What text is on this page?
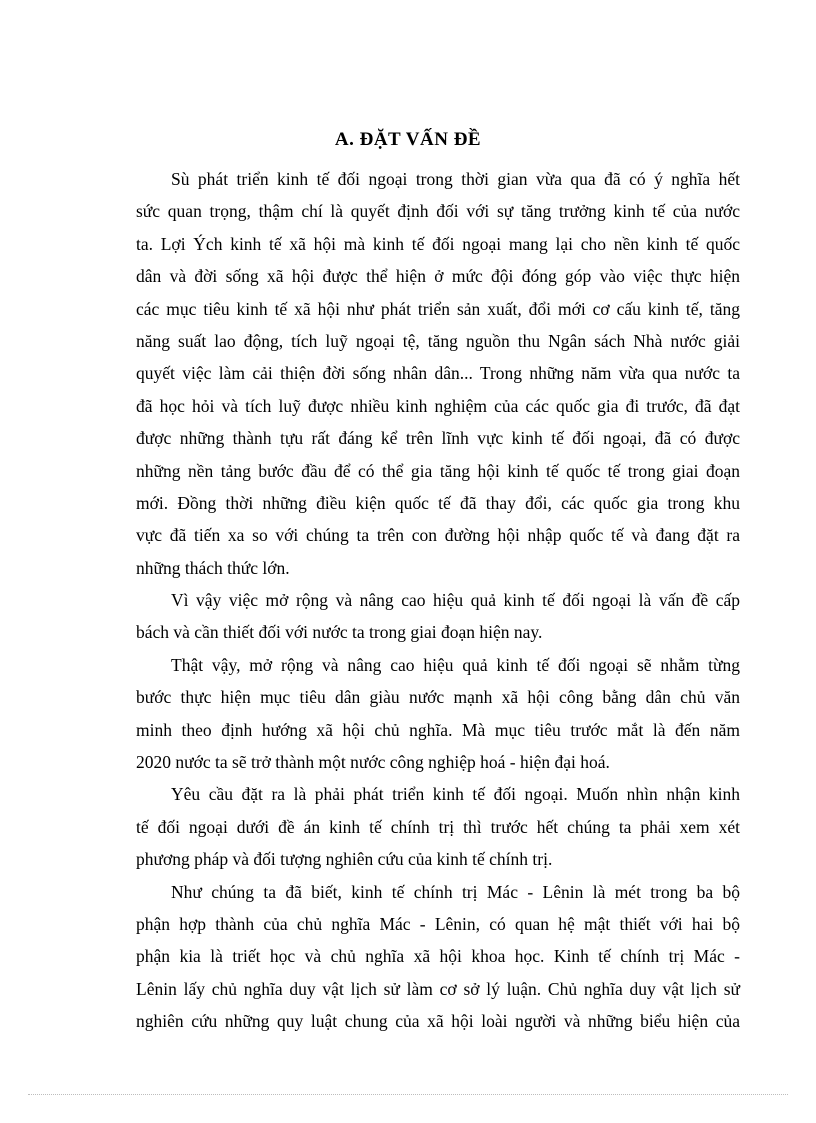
A. ĐẶT VẤN ĐỀ
Sù phát triển kinh tế đối ngoại trong thời gian vừa qua đã có ý nghĩa hết
sức quan trọng, thậm chí là quyết định đối với sự tăng trưởng kinh tế của nước
ta. Lợi Ých kinh tế xã hội mà kinh tế đối ngoại mang lại cho nền kinh tế quốc
dân và đời sống xã hội được thể hiện ở mức đội đóng góp vào việc thực hiện
các mục tiêu kinh tế xã hội như phát triển sản xuất, đổi mới cơ cấu kinh tế, tăng
năng suất lao động, tích luỹ ngoại tệ, tăng nguồn thu Ngân sách Nhà nước giải
quyết việc làm cải thiện đời sống nhân dân... Trong những năm vừa qua nước ta
đã học hỏi và tích luỹ được nhiều kinh nghiệm của các quốc gia đi trước, đã đạt
được những thành tựu rất đáng kể trên lĩnh vực kinh tế đối ngoại, đã có được
những nền tảng bước đầu để có thể gia tăng hội kinh tế quốc tế trong giai đoạn
mới. Đồng thời những điều kiện quốc tế đã thay đổi, các quốc gia trong khu
vực đã tiến xa so với chúng ta trên con đường hội nhập quốc tế và đang đặt ra
những thách thức lớn.
Vì vậy việc mở rộng và nâng cao hiệu quả kinh tế đối ngoại là vấn đề cấp
bách và cần thiết đối với nước ta trong giai đoạn hiện nay.
Thật vậy, mở rộng và nâng cao hiệu quả kinh tế đối ngoại sẽ nhằm từng
bước thực hiện mục tiêu dân giàu nước mạnh xã hội công bằng dân chủ văn
minh theo định hướng xã hội chủ nghĩa. Mà mục tiêu trước mắt là đến năm
2020 nước ta sẽ trở thành một nước công nghiệp hoá - hiện đại hoá.
Yêu cầu đặt ra là phải phát triển kinh tế đối ngoại. Muốn nhìn nhận kinh
tế đối ngoại dưới đề án kinh tế chính trị thì trước hết chúng ta phải xem xét
phương pháp và đối tượng nghiên cứu của kinh tế chính trị.
Như chúng ta đã biết, kinh tế chính trị Mác - Lênin là mét trong ba bộ
phận hợp thành của chủ nghĩa Mác - Lênin, có quan hệ mật thiết với hai bộ
phận kia là triết học và chủ nghĩa xã hội khoa học. Kinh tế chính trị Mác -
Lênin lấy chủ nghĩa duy vật lịch sử làm cơ sở lý luận. Chủ nghĩa duy vật lịch sử
nghiên cứu những quy luật chung của xã hội loài người và những biểu hiện của
